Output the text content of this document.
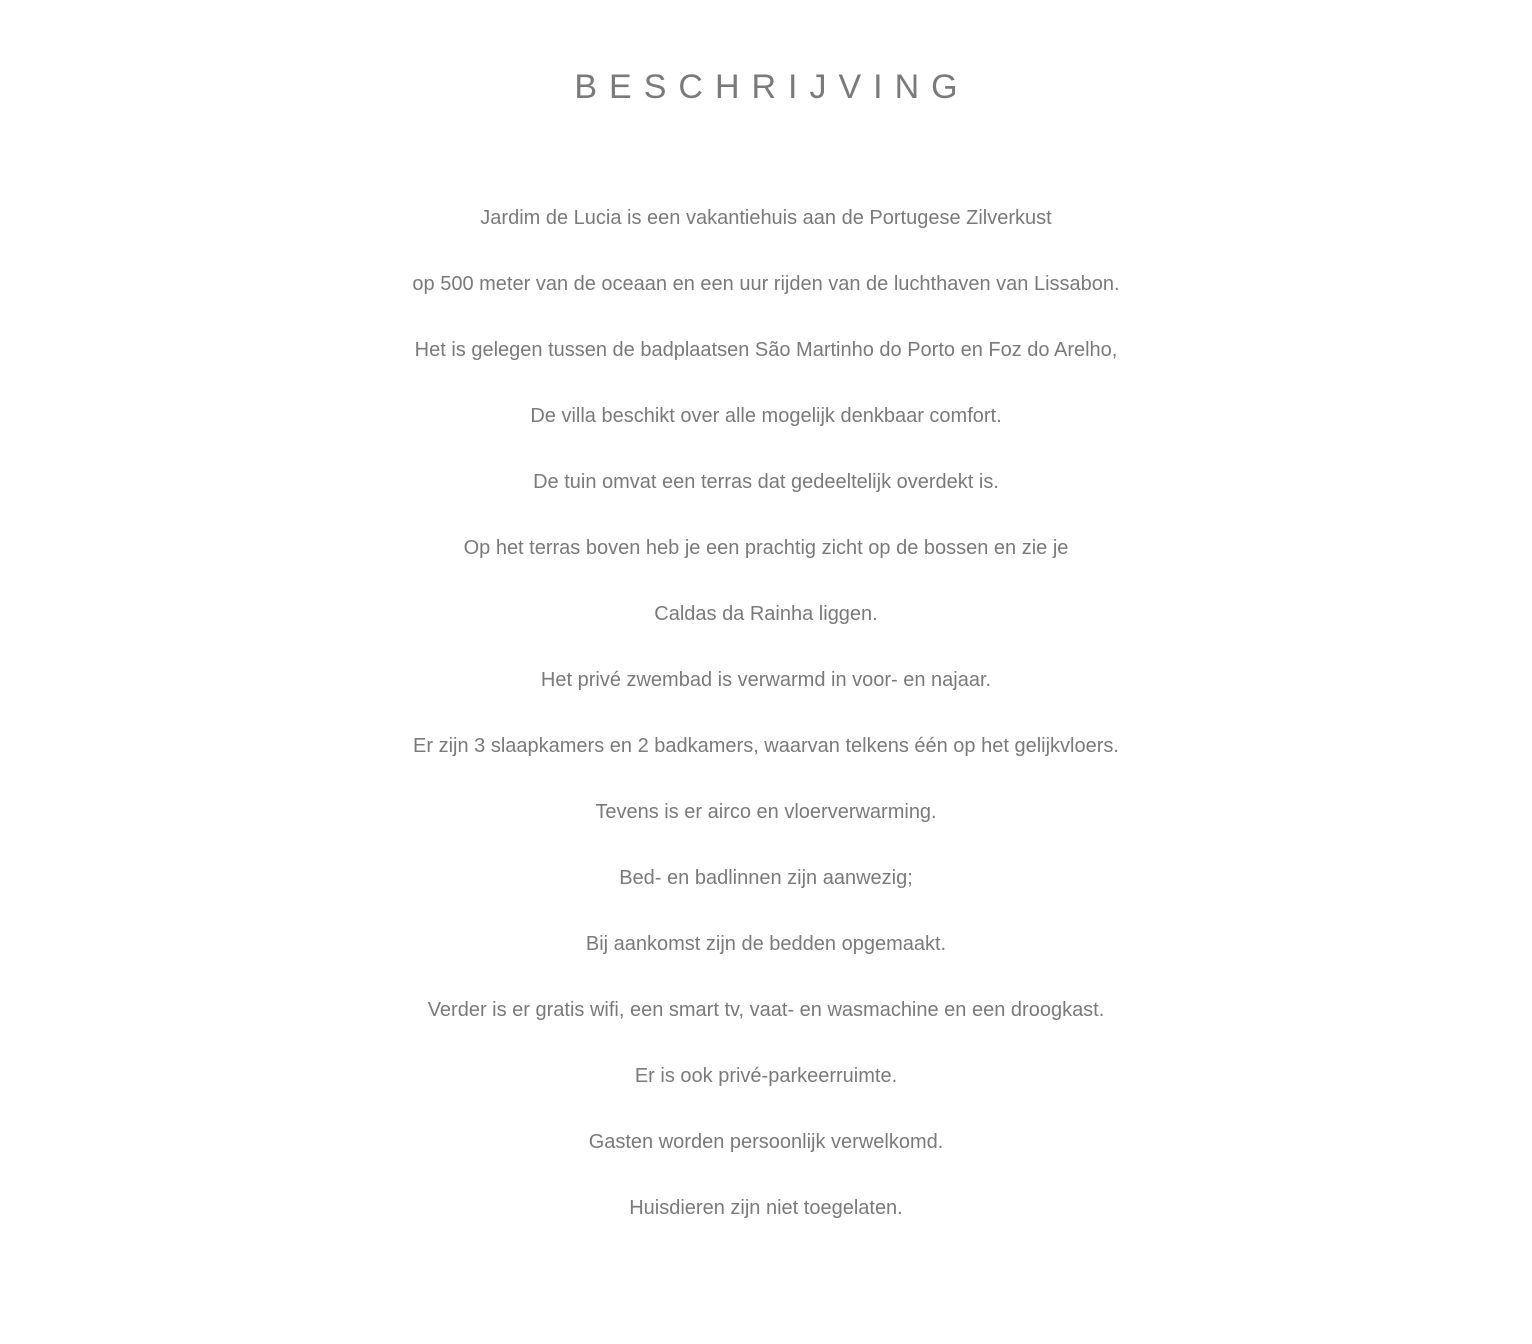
BESCHRIJVING
Jardim de Lucia is een vakantiehuis aan de Portugese Zilverkust
op 500 meter van de oceaan en een uur rijden van de luchthaven van Lissabon.
Het is gelegen tussen de badplaatsen São Martinho do Porto en Foz do Arelho,
De villa beschikt over alle mogelijk denkbaar comfort.
De tuin omvat een terras dat gedeeltelijk overdekt is.
Op het terras boven heb je een prachtig zicht op de bossen en zie je
Caldas da Rainha liggen.
Het privé zwembad is verwarmd in voor- en najaar.
Er zijn 3 slaapkamers en 2 badkamers, waarvan telkens één op het gelijkvloers.
Tevens is er airco en vloerverwarming.
Bed- en badlinnen zijn aanwezig;
Bij aankomst zijn de bedden opgemaakt.
Verder is er gratis wifi, een smart tv, vaat- en wasmachine en een droogkast.
Er is ook privé-parkeerruimte.
Gasten worden persoonlijk verwelkomd.
Huisdieren zijn niet toegelaten.
